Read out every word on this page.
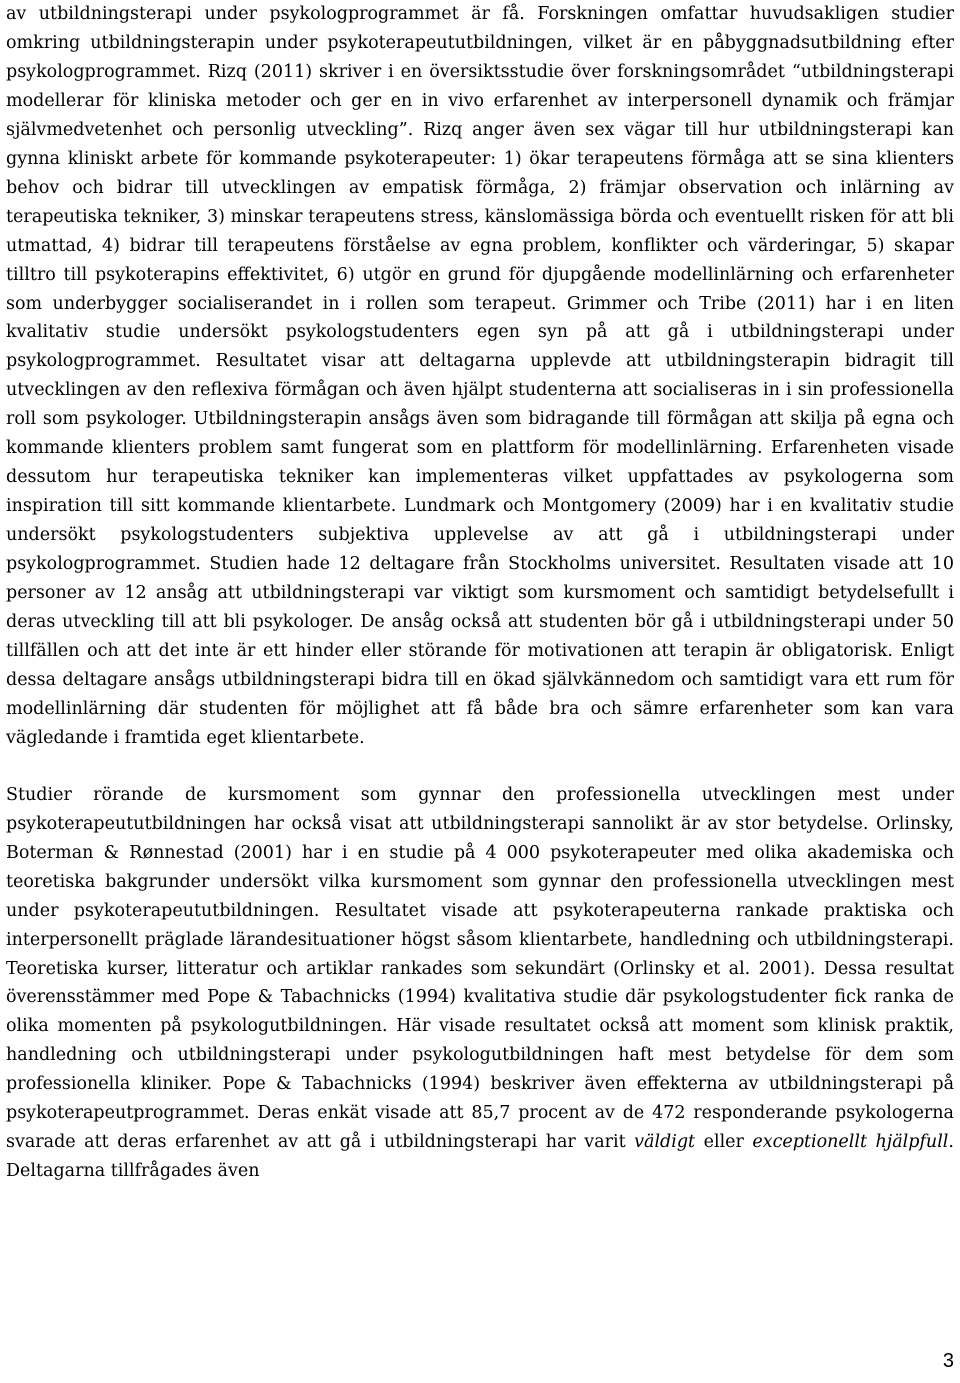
av utbildningsterapi under psykologprogrammet är få. Forskningen omfattar huvudsakligen studier omkring utbildningsterapin under psykoterapeututbildningen, vilket är en påbyggnadsutbildning efter psykologprogrammet. Rizq (2011) skriver i en översiktsstudie över forskningsområdet “utbildningsterapi modellerar för kliniska metoder och ger en in vivo erfarenhet av interpersonell dynamik och främjar självmedvetenhet och personlig utveckling”. Rizq anger även sex vägar till hur utbildningsterapi kan gynna kliniskt arbete för kommande psykoterapeuter: 1) ökar terapeutens förmåga att se sina klienters behov och bidrar till utvecklingen av empatisk förmåga, 2) främjar observation och inlärning av terapeutiska tekniker, 3) minskar terapeutens stress, känslomässiga börda och eventuellt risken för att bli utmattad, 4) bidrar till terapeutens förståelse av egna problem, konflikter och värderingar, 5) skapar tilltro till psykoterapins effektivitet, 6) utgör en grund för djupgående modellinlärning och erfarenheter som underbygger socialiserandet in i rollen som terapeut. Grimmer och Tribe (2011) har i en liten kvalitativ studie undersökt psykologstudenters egen syn på att gå i utbildningsterapi under psykologprogrammet. Resultatet visar att deltagarna upplevde att utbildningsterapin bidragit till utvecklingen av den reflexiva förmågan och även hjälpt studenterna att socialiseras in i sin professionella roll som psykologer. Utbildningsterapin ansågs även som bidragande till förmågan att skilja på egna och kommande klienters problem samt fungerat som en plattform för modellinlärning. Erfarenheten visade dessutom hur terapeutiska tekniker kan implementeras vilket uppfattades av psykologerna som inspiration till sitt kommande klientarbete. Lundmark och Montgomery (2009) har i en kvalitativ studie undersökt psykologstudenters subjektiva upplevelse av att gå i utbildningsterapi under psykologprogrammet. Studien hade 12 deltagare från Stockholms universitet. Resultaten visade att 10 personer av 12 ansåg att utbildningsterapi var viktigt som kursmoment och samtidigt betydelsefullt i deras utveckling till att bli psykologer. De ansåg också att studenten bör gå i utbildningsterapi under 50 tillfällen och att det inte är ett hinder eller störande för motivationen att terapin är obligatorisk. Enligt dessa deltagare ansågs utbildningsterapi bidra till en ökad självkännedom och samtidigt vara ett rum för modellinlärning där studenten för möjlighet att få både bra och sämre erfarenheter som kan vara vägledande i framtida eget klientarbete.

Studier rörande de kursmoment som gynnar den professionella utvecklingen mest under psykoterapeututbildningen har också visat att utbildningsterapi sannolikt är av stor betydelse. Orlinsky, Boterman & Rønnestad (2001) har i en studie på 4 000 psykoterapeuter med olika akademiska och teoretiska bakgrunder undersökt vilka kursmoment som gynnar den professionella utvecklingen mest under psykoterapeututbildningen. Resultatet visade att psykoterapeuterna rankade praktiska och interpersonellt präglade lärandesituationer högst såsom klientarbete, handledning och utbildningsterapi. Teoretiska kurser, litteratur och artiklar rankades som sekundärt (Orlinsky et al. 2001). Dessa resultat överensstämmer med Pope & Tabachnicks (1994) kvalitativa studie där psykologstudenter fick ranka de olika momenten på psykologutbildningen. Här visade resultatet också att moment som klinisk praktik, handledning och utbildningsterapi under psykologutbildningen haft mest betydelse för dem som professionella kliniker. Pope & Tabachnicks (1994) beskriver även effekterna av utbildningsterapi på psykoterapeutprogrammet. Deras enkät visade att 85,7 procent av de 472 responderande psykologerna svarade att deras erfarenhet av att gå i utbildningsterapi har varit väldigt eller exceptionellt hjälpfull. Deltagarna tillfrågades även

3
